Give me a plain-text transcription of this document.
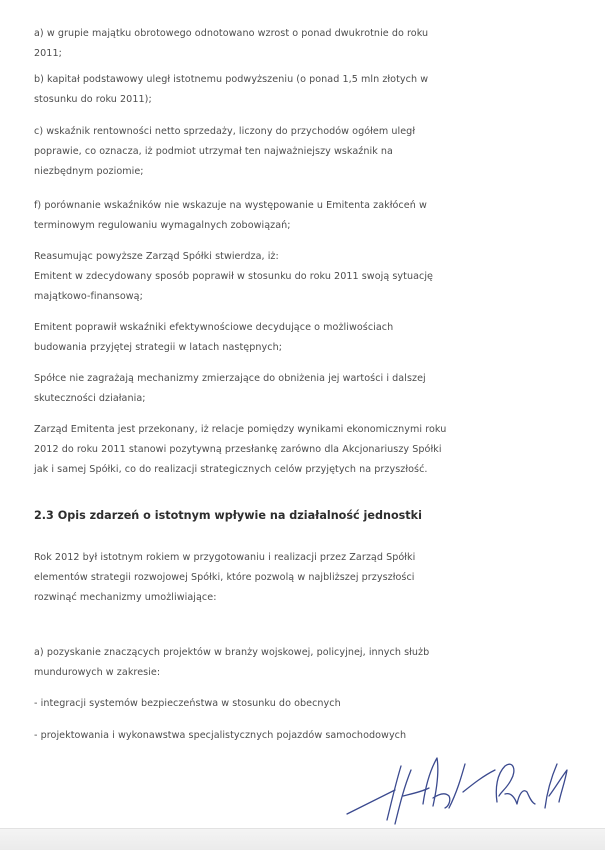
a) w grupie majątku obrotowego odnotowano wzrost o ponad dwukrotnie do roku
2011;
b) kapitał podstawowy uległ istotnemu podwyższeniu (o ponad 1,5 mln złotych w
stosunku do roku 2011);
c) wskaźnik rentowności netto sprzedaży, liczony do przychodów ogółem uległ
poprawie, co oznacza, iż podmiot utrzymał ten najważniejszy wskaźnik na
niezbędnym poziomie;
f) porównanie wskaźników nie wskazuje na występowanie u Emitenta zakłóceń w
terminowym regulowaniu wymagalnych zobowiązań;
Reasumując powyższe Zarząd Spółki stwierdza, iż:
Emitent w zdecydowany sposób poprawił w stosunku do roku 2011 swoją sytuację
majątkowo-finansową;
Emitent poprawił wskaźniki efektywnościowe decydujące o możliwościach
budowania przyjętej strategii w latach następnych;
Spółce nie zagrażają mechanizmy zmierzające do obniżenia jej wartości i dalszej
skuteczności działania;
Zarząd Emitenta jest przekonany, iż relacje pomiędzy wynikami ekonomicznymi roku
2012 do roku 2011 stanowi pozytywną przesłankę zarówno dla Akcjonariuszy Spółki
jak i samej Spółki, co do realizacji strategicznych celów przyjętych na przyszłość.
2.3 Opis zdarzeń o istotnym wpływie na działalność jednostki
Rok 2012 był istotnym rokiem w przygotowaniu i realizacji przez Zarząd Spółki
elementów strategii rozwojowej Spółki, które pozwolą w najbliższej przyszłości
rozwinąć mechanizmy umożliwiające:
a) pozyskanie znaczących projektów w branży wojskowej, policyjnej, innych służb
mundurowych w zakresie:
- integracji systemów bezpieczeństwa w stosunku do obecnych
- projektowania i wykonawstwa specjalistycznych pojazdów samochodowych
